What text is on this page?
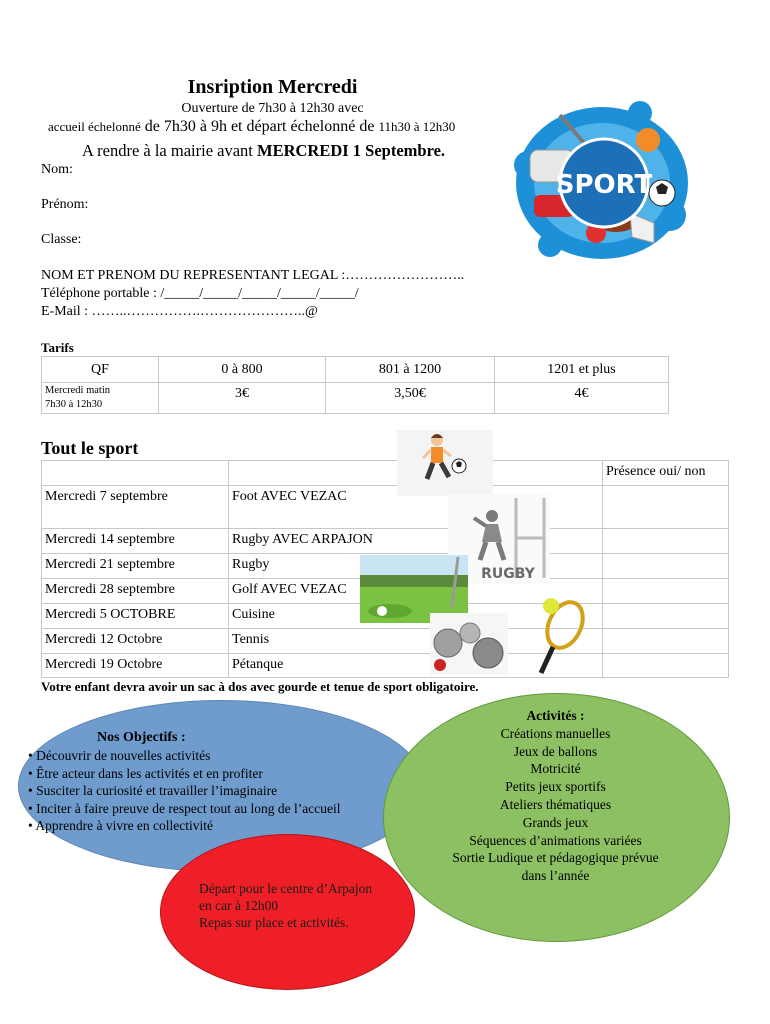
Insription Mercredi
Ouverture de 7h30 à 12h30 avec
accueil échelonné de 7h30 à 9h et départ échelonné de 11h30 à 12h30
A rendre à la mairie avant MERCREDI 1 Septembre.
Nom:
Prénom:
Classe:
NOM ET PRENOM DU REPRESENTANT LEGAL :……………………..
Téléphone portable : /_____/_____/_____/_____/_____/
E-Mail : ……..…………….…………………..@
SPORT
Tarifs
QF	0 à 800	801 à 1200	1201 et plus
Mercredi matin
7h30 à 12h30	3€	3,50€	4€
Tout le sport
		Présence oui/ non
Mercredi 7 septembre	Foot AVEC VEZAC	
Mercredi 14 septembre	Rugby AVEC ARPAJON	
Mercredi 21 septembre	Rugby	
Mercredi 28 septembre	Golf AVEC VEZAC	
Mercredi 5 OCTOBRE	Cuisine	
Mercredi 12 Octobre	Tennis	
Mercredi 19 Octobre	Pétanque	
RUGBY
Votre enfant devra avoir un sac à dos avec gourde et tenue de sport obligatoire.
Nos Objectifs :
• Découvrir de nouvelles activités
• Être acteur dans les activités et en profiter
• Susciter la curiosité et travailler l’imaginaire
• Inciter à faire preuve de respect tout au long de l’accueil
• Apprendre à vivre en collectivité
Activités :
Créations manuelles
Jeux de ballons
Motricité
Petits jeux sportifs
Ateliers thématiques
Grands jeux
Séquences d’animations variées
Sortie Ludique et pédagogique prévue
dans l’année
Départ pour le centre d’Arpajon
en car à 12h00
Repas sur place et activités.
